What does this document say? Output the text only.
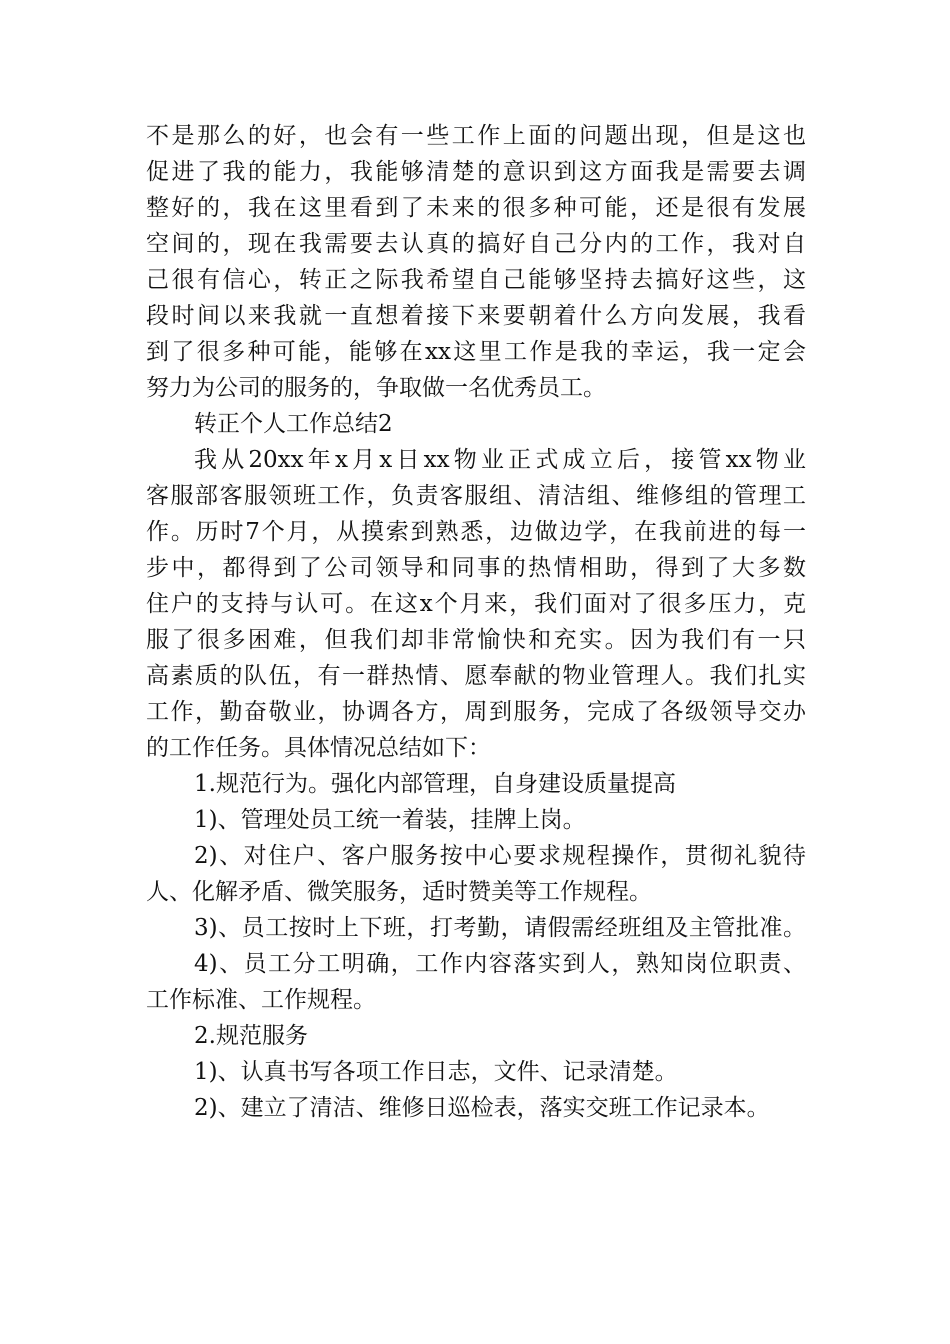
不是那么的好，也会有一些工作上面的问题出现，但是这也
促进了我的能力，我能够清楚的意识到这方面我是需要去调
整好的，我在这里看到了未来的很多种可能，还是很有发展
空间的，现在我需要去认真的搞好自己分内的工作，我对自
己很有信心，转正之际我希望自己能够坚持去搞好这些，这
段时间以来我就一直想着接下来要朝着什么方向发展，我看
到了很多种可能，能够在xx这里工作是我的幸运，我一定会
努力为公司的服务的，争取做一名优秀员工。
转正个人工作总结2
我从20xx年x月x日xx物业正式成立后，接管xx物业
客服部客服领班工作，负责客服组、清洁组、维修组的管理工
作。历时7个月，从摸索到熟悉，边做边学，在我前进的每一
步中，都得到了公司领导和同事的热情相助，得到了大多数
住户的支持与认可。在这x个月来，我们面对了很多压力，克
服了很多困难，但我们却非常愉快和充实。因为我们有一只
高素质的队伍，有一群热情、愿奉献的物业管理人。我们扎实
工作，勤奋敬业，协调各方，周到服务，完成了各级领导交办
的工作任务。具体情况总结如下：
1.规范行为。强化内部管理，自身建设质量提高
1)、管理处员工统一着装，挂牌上岗。
2)、对住户、客户服务按中心要求规程操作，贯彻礼貌待
人、化解矛盾、微笑服务，适时赞美等工作规程。
3)、员工按时上下班，打考勤，请假需经班组及主管批准。
4)、员工分工明确，工作内容落实到人，熟知岗位职责、
工作标准、工作规程。
2.规范服务
1)、认真书写各项工作日志，文件、记录清楚。
2)、建立了清洁、维修日巡检表，落实交班工作记录本。
